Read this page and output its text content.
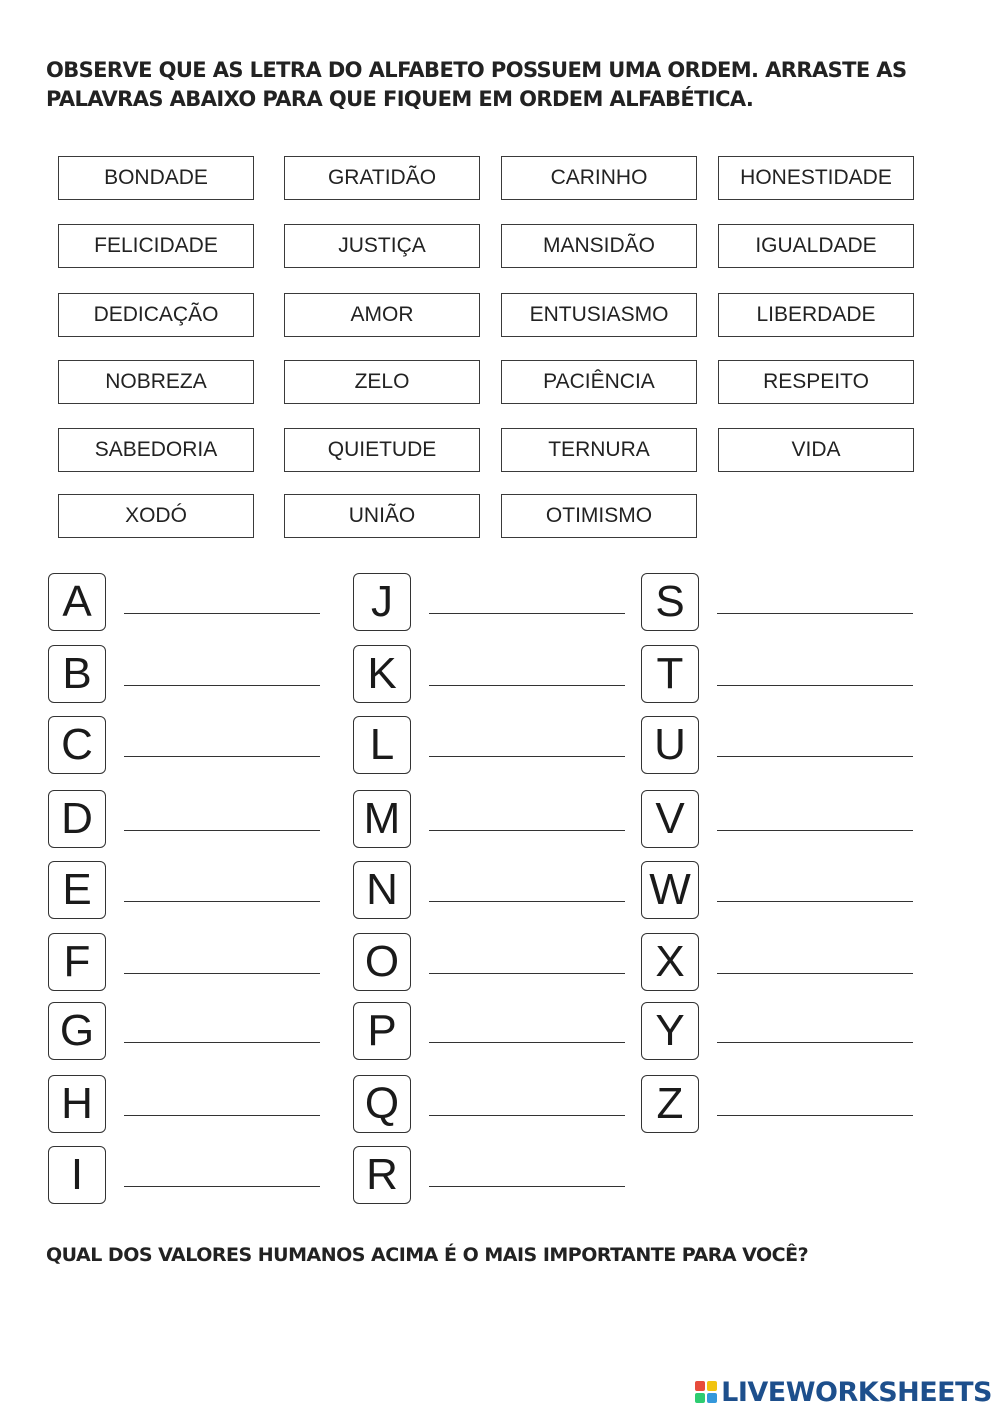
OBSERVE QUE AS LETRA DO ALFABETO POSSUEM UMA ORDEM. ARRASTE AS PALAVRAS ABAIXO PARA QUE FIQUEM EM ORDEM ALFABÉTICA.
BONDADE	GRATIDÃO	CARINHO	HONESTIDADE
FELICIDADE	JUSTIÇA	MANSIDÃO	IGUALDADE
DEDICAÇÃO	AMOR	ENTUSIASMO	LIBERDADE
NOBREZA	ZELO	PACIÊNCIA	RESPEITO
SABEDORIA	QUIETUDE	TERNURA	VIDA
XODÓ	UNIÃO	OTIMISMO
A
B
C
D
E
F
G
H
I
J
K
L
M
N
O
P
Q
R
S
T
U
V
W
X
Y
Z
QUAL DOS VALORES HUMANOS ACIMA É O MAIS IMPORTANTE PARA VOCÊ?
LIVEWORKSHEETS
